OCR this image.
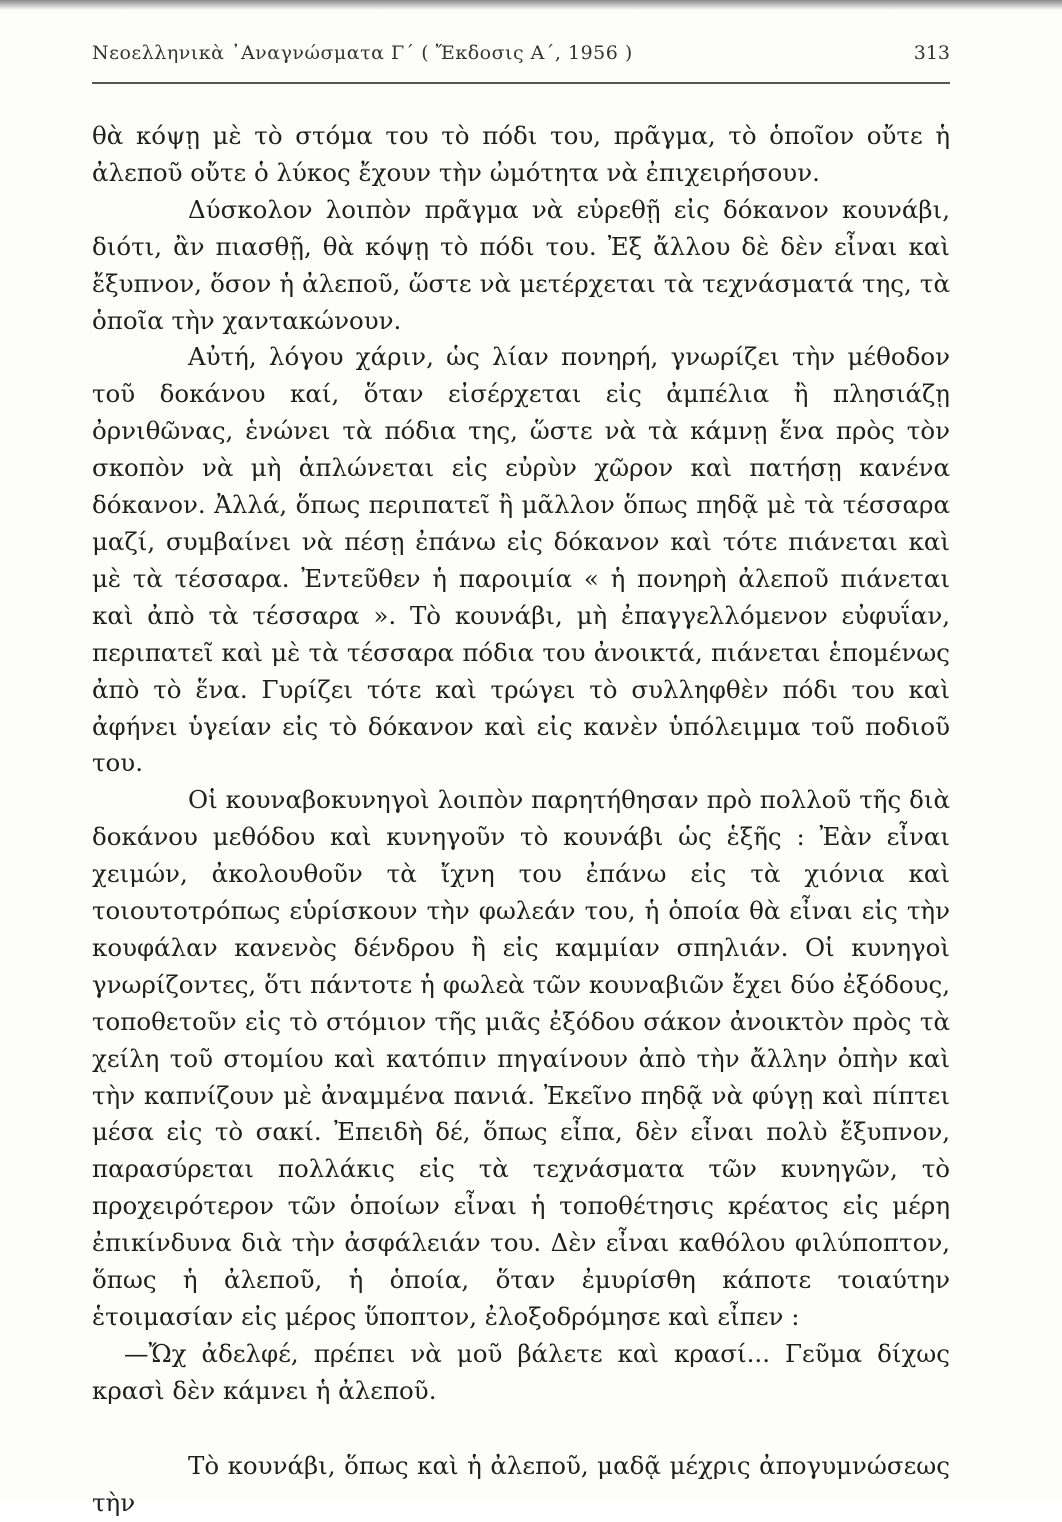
Νεοελληνικὰ ᾿Αναγνώσματα Γ΄ ( Ἔκδοσις Α΄, 1956 )	313

θὰ κόψῃ μὲ τὸ στόμα του τὸ πόδι του, πρᾶγμα, τὸ ὁποῖον οὔτε ἡ ἀλεποῦ οὔτε ὁ λύκος ἔχουν τὴν ὠμότητα νὰ ἐπιχειρήσουν.

Δύσκολον λοιπὸν πρᾶγμα νὰ εὑρεθῇ εἰς δόκανον κουνάβι, διότι, ἂν πιασθῇ, θὰ κόψῃ τὸ πόδι του. Ἐξ ἄλλου δὲ δὲν εἶναι καὶ ἔξυπνον, ὅσον ἡ ἀλεποῦ, ὥστε νὰ μετέρχεται τὰ τεχνάσματά της, τὰ ὁποῖα τὴν χαντακώνουν.

Αὐτή, λόγου χάριν, ὡς λίαν πονηρή, γνωρίζει τὴν μέθοδον τοῦ δοκάνου καί, ὅταν εἰσέρχεται εἰς ἀμπέλια ἢ πλησιάζῃ ὀρνιθῶνας, ἑνώνει τὰ πόδια της, ὥστε νὰ τὰ κάμνῃ ἕνα πρὸς τὸν σκοπὸν νὰ μὴ ἁπλώνεται εἰς εὐρὺν χῶρον καὶ πατήσῃ κανένα δόκανον. Ἀλλά, ὅπως περιπατεῖ ἢ μᾶλλον ὅπως πηδᾷ μὲ τὰ τέσσαρα μαζί, συμβαίνει νὰ πέσῃ ἐπάνω εἰς δόκανον καὶ τότε πιάνεται καὶ μὲ τὰ τέσσαρα. Ἐντεῦθεν ἡ παροιμία « ἡ πονηρὴ ἀλεποῦ πιάνεται καὶ ἀπὸ τὰ τέσσαρα ». Τὸ κουνάβι, μὴ ἐπαγγελλόμενον εὐφυΐαν, περιπατεῖ καὶ μὲ τὰ τέσσαρα πόδια του ἀνοικτά, πιάνεται ἑπομένως ἀπὸ τὸ ἕνα. Γυρίζει τότε καὶ τρώγει τὸ συλληφθὲν πόδι του καὶ ἀφήνει ὑγείαν εἰς τὸ δόκανον καὶ εἰς κανὲν ὑπόλειμμα τοῦ ποδιοῦ του.

Οἱ κουναβοκυνηγοὶ λοιπὸν παρητήθησαν πρὸ πολλοῦ τῆς διὰ δοκάνου μεθόδου καὶ κυνηγοῦν τὸ κουνάβι ὡς ἑξῆς : Ἐὰν εἶναι χειμών, ἀκολουθοῦν τὰ ἴχνη του ἐπάνω εἰς τὰ χιόνια καὶ τοιουτοτρόπως εὑρίσκουν τὴν φωλεάν του, ἡ ὁποία θὰ εἶναι εἰς τὴν κουφάλαν κανενὸς δένδρου ἢ εἰς καμμίαν σπηλιάν. Οἱ κυνηγοὶ γνωρίζοντες, ὅτι πάντοτε ἡ φωλεὰ τῶν κουναβιῶν ἔχει δύο ἐξόδους, τοποθετοῦν εἰς τὸ στόμιον τῆς μιᾶς ἐξόδου σάκον ἀνοικτὸν πρὸς τὰ χείλη τοῦ στομίου καὶ κατόπιν πηγαίνουν ἀπὸ τὴν ἄλλην ὀπὴν καὶ τὴν καπνίζουν μὲ ἀναμμένα πανιά. Ἐκεῖνο πηδᾷ νὰ φύγῃ καὶ πίπτει μέσα εἰς τὸ σακί. Ἐπειδὴ δέ, ὅπως εἶπα, δὲν εἶναι πολὺ ἔξυπνον, παρασύρεται πολλάκις εἰς τὰ τεχνάσματα τῶν κυνηγῶν, τὸ προχειρότερον τῶν ὁποίων εἶναι ἡ τοποθέτησις κρέατος εἰς μέρη ἐπικίνδυνα διὰ τὴν ἀσφάλειάν του. Δὲν εἶναι καθόλου φιλύποπτον, ὅπως ἡ ἀλεποῦ, ἡ ὁποία, ὅταν ἐμυρίσθη κάποτε τοιαύτην ἑτοιμασίαν εἰς μέρος ὕποπτον, ἐλοξοδρόμησε καὶ εἶπεν :

—Ὤχ ἀδελφέ, πρέπει νὰ μοῦ βάλετε καὶ κρασί... Γεῦμα δίχως κρασὶ δὲν κάμνει ἡ ἀλεποῦ.

Τὸ κουνάβι, ὅπως καὶ ἡ ἀλεποῦ, μαδᾷ μέχρις ἀπογυμνώσεως τὴν
